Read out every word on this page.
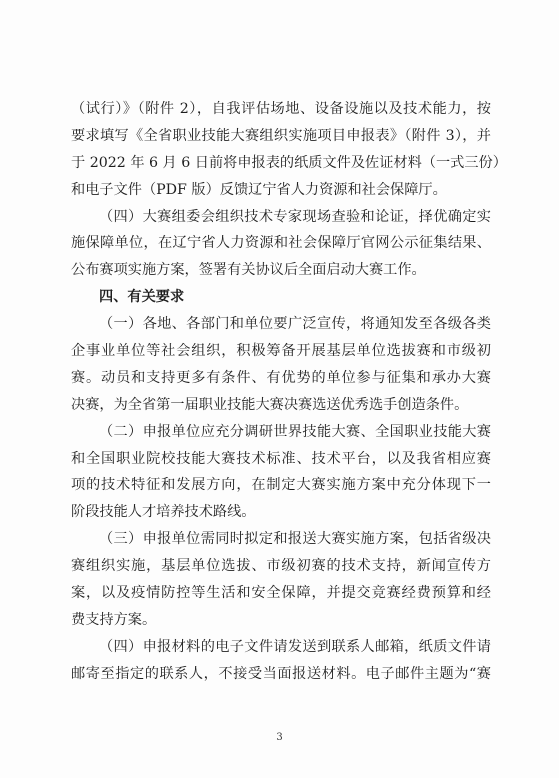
（试行）》（附件 2），自我评估场地、设备设施以及技术能力，按
要求填写《全省职业技能大赛组织实施项目申报表》（附件 3），并
于 2022 年 6 月 6 日前将申报表的纸质文件及佐证材料（一式三份）
和电子文件（PDF 版）反馈辽宁省人力资源和社会保障厅。
（四）大赛组委会组织技术专家现场查验和论证，择优确定实
施保障单位，在辽宁省人力资源和社会保障厅官网公示征集结果、
公布赛项实施方案，签署有关协议后全面启动大赛工作。
四、有关要求
（一）各地、各部门和单位要广泛宣传，将通知发至各级各类
企事业单位等社会组织，积极筹备开展基层单位选拔赛和市级初
赛。动员和支持更多有条件、有优势的单位参与征集和承办大赛
决赛，为全省第一届职业技能大赛决赛选送优秀选手创造条件。
（二）申报单位应充分调研世界技能大赛、全国职业技能大赛
和全国职业院校技能大赛技术标准、技术平台，以及我省相应赛
项的技术特征和发展方向，在制定大赛实施方案中充分体现下一
阶段技能人才培养技术路线。
（三）申报单位需同时拟定和报送大赛实施方案，包括省级决
赛组织实施，基层单位选拔、市级初赛的技术支持，新闻宣传方
案，以及疫情防控等生活和安全保障，并提交竞赛经费预算和经
费支持方案。
（四）申报材料的电子文件请发送到联系人邮箱，纸质文件请
邮寄至指定的联系人，不接受当面报送材料。电子邮件主题为“赛
3
